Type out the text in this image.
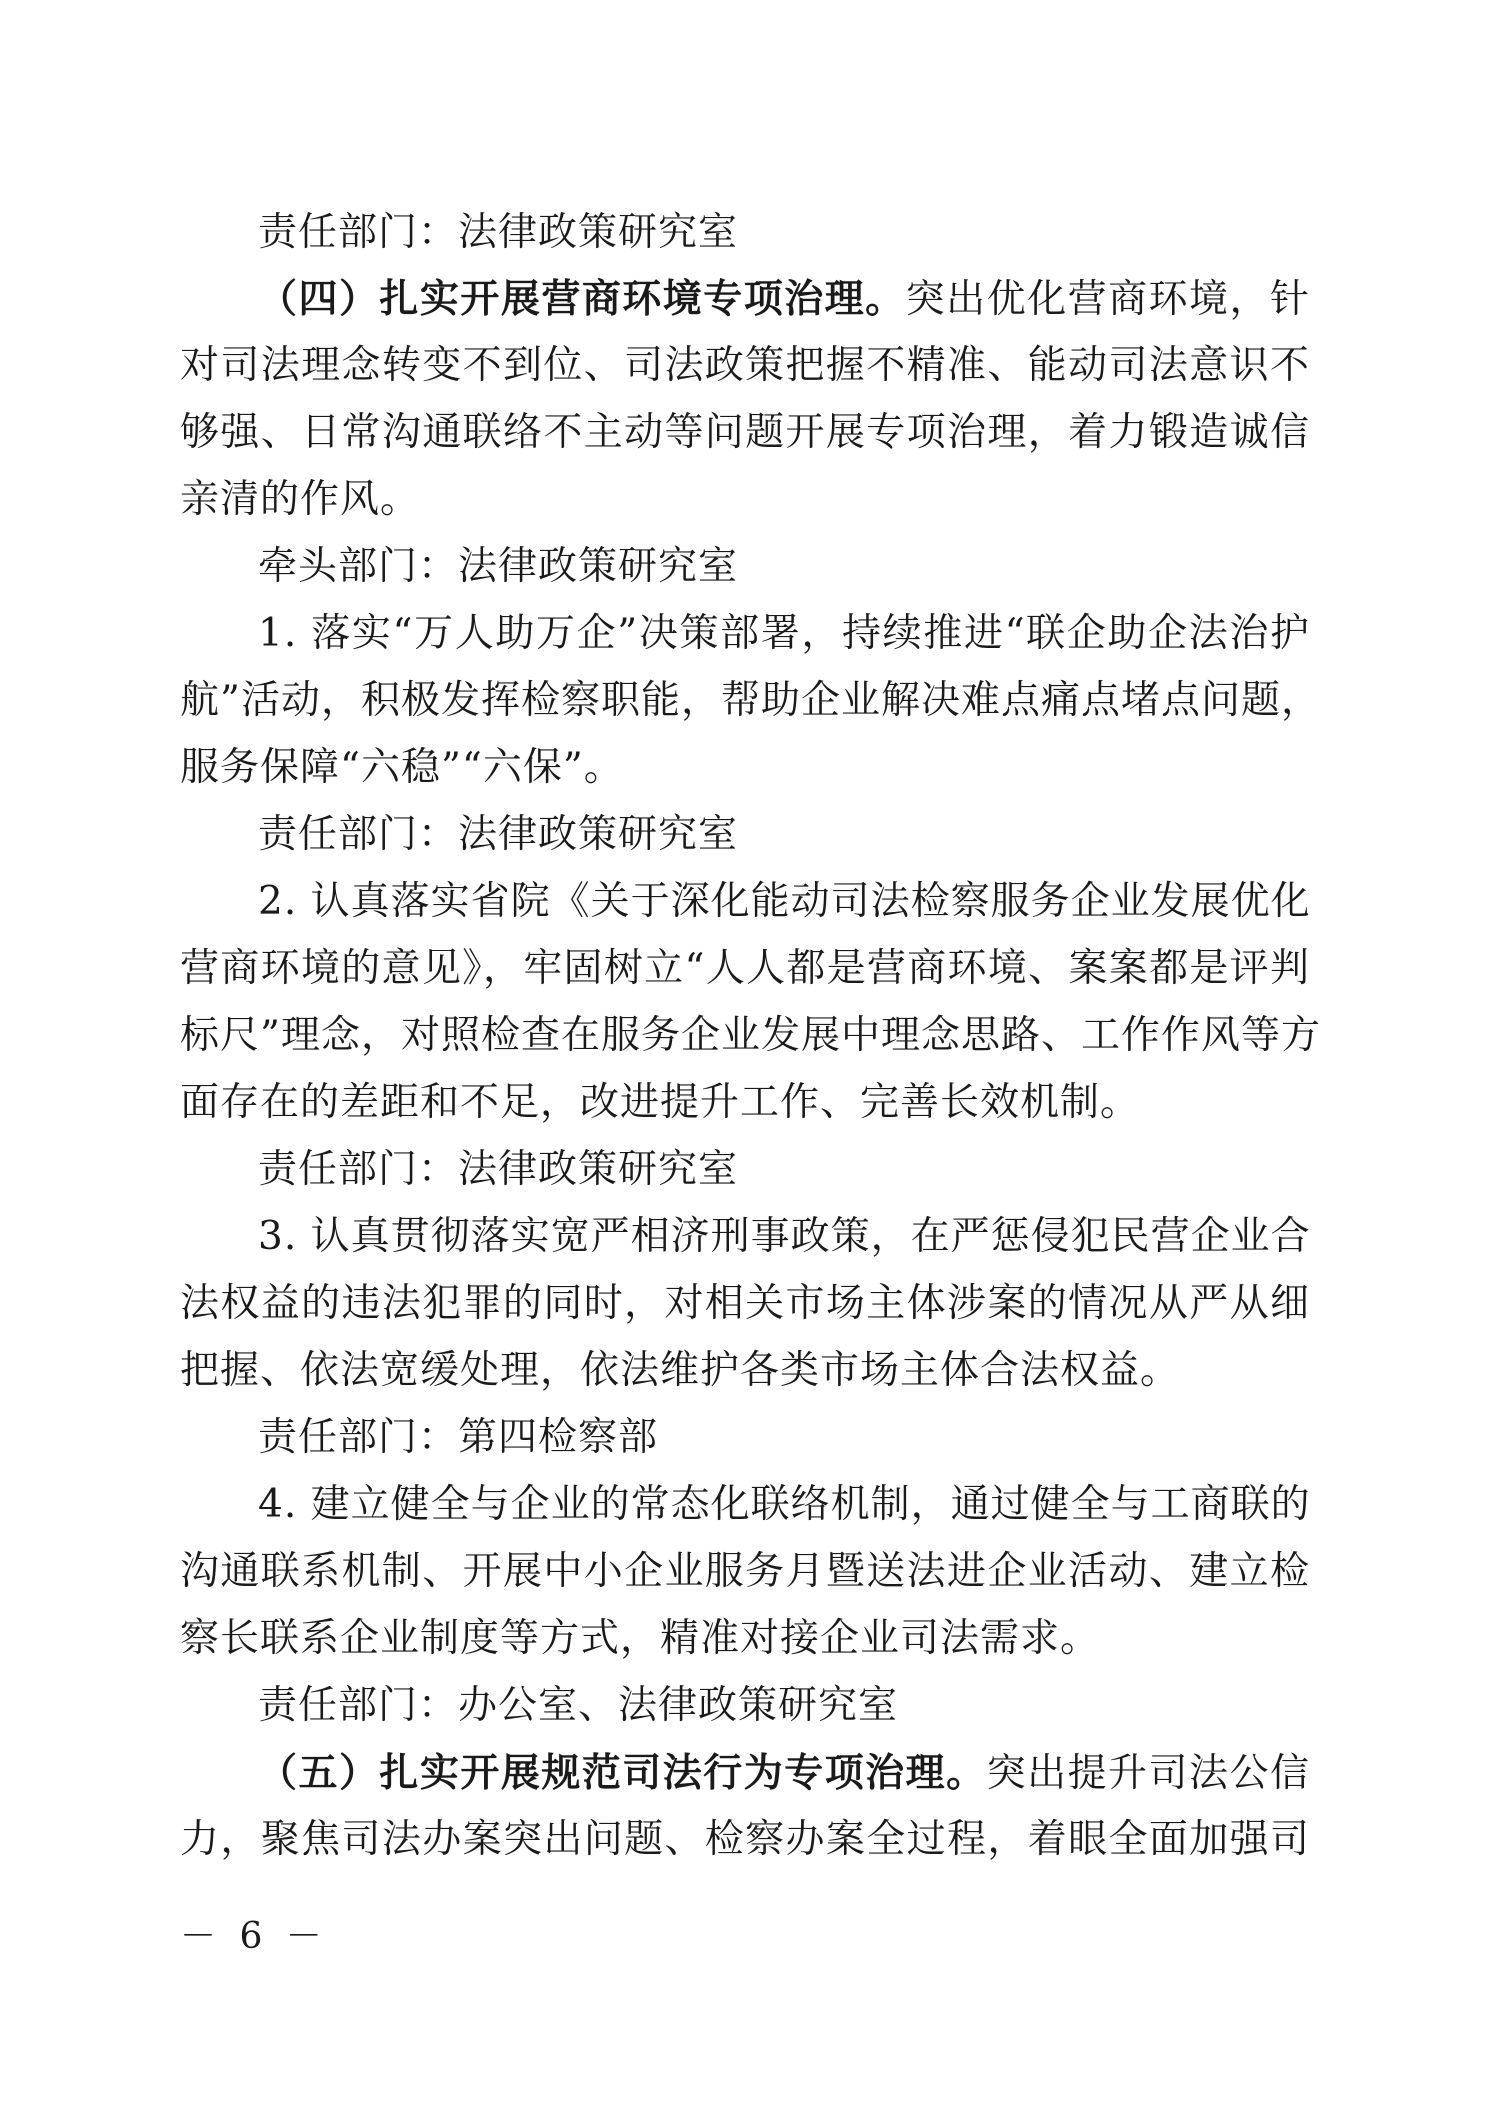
责任部门：法律政策研究室
（四）扎实开展营商环境专项治理。突出优化营商环境，针
对司法理念转变不到位、司法政策把握不精准、能动司法意识不
够强、日常沟通联络不主动等问题开展专项治理，着力锻造诚信
亲清的作风。
牵头部门：法律政策研究室
1. 落实“万人助万企”决策部署，持续推进“联企助企法治护
航”活动，积极发挥检察职能，帮助企业解决难点痛点堵点问题，
服务保障“六稳”“六保”。
责任部门：法律政策研究室
2. 认真落实省院《关于深化能动司法检察服务企业发展优化
营商环境的意见》，牢固树立“人人都是营商环境、案案都是评判
标尺”理念，对照检查在服务企业发展中理念思路、工作作风等方
面存在的差距和不足，改进提升工作、完善长效机制。
责任部门：法律政策研究室
3. 认真贯彻落实宽严相济刑事政策，在严惩侵犯民营企业合
法权益的违法犯罪的同时，对相关市场主体涉案的情况从严从细
把握、依法宽缓处理，依法维护各类市场主体合法权益。
责任部门：第四检察部
4. 建立健全与企业的常态化联络机制，通过健全与工商联的
沟通联系机制、开展中小企业服务月暨送法进企业活动、建立检
察长联系企业制度等方式，精准对接企业司法需求。
责任部门：办公室、法律政策研究室
（五）扎实开展规范司法行为专项治理。突出提升司法公信
力，聚焦司法办案突出问题、检察办案全过程，着眼全面加强司
－ 6 －
